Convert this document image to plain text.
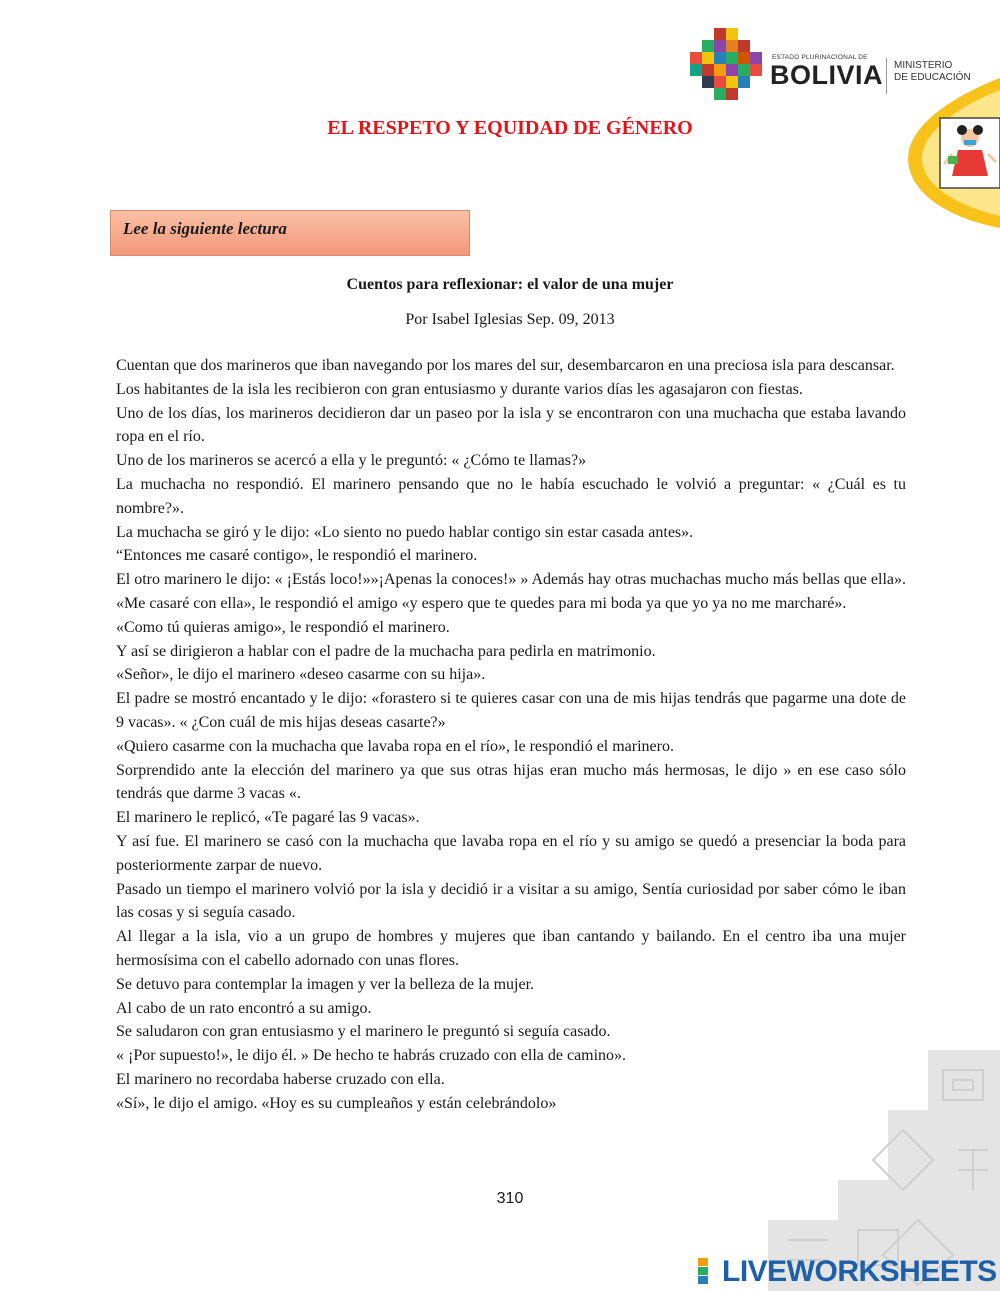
ESTADO PLURINACIONAL DE
BOLIVIA MINISTERIO
DE EDUCACIÓN
EL RESPETO Y EQUIDAD DE GÉNERO
Lee la siguiente lectura
Cuentos para reflexionar: el valor de una mujer
Por Isabel Iglesias Sep. 09, 2013

Cuentan que dos marineros que iban navegando por los mares del sur, desembarcaron en una preciosa isla para descansar.

Los habitantes de la isla les recibieron con gran entusiasmo y durante varios días les agasajaron con fiestas.

Uno de los días, los marineros decidieron dar un paseo por la isla y se encontraron con una muchacha que estaba lavando ropa en el río.

Uno de los marineros se acercó a ella y le preguntó: « ¿Cómo te llamas?»

La muchacha no respondió. El marinero pensando que no le había escuchado le volvió a preguntar: « ¿Cuál es tu nombre?».

La muchacha se giró y le dijo: «Lo siento no puedo hablar contigo sin estar casada antes».

“Entonces me casaré contigo», le respondió el marinero.

El otro marinero le dijo: « ¡Estás loco!»»¡Apenas la conoces!» » Además hay otras muchachas mucho más bellas que ella».

«Me casaré con ella», le respondió el amigo «y espero que te quedes para mi boda ya que yo ya no me marcharé».

«Como tú quieras amigo», le respondió el marinero.

Y así se dirigieron a hablar con el padre de la muchacha para pedirla en matrimonio.

«Señor», le dijo el marinero «deseo casarme con su hija».

El padre se mostró encantado y le dijo: «forastero si te quieres casar con una de mis hijas tendrás que pagarme una dote de 9 vacas». « ¿Con cuál de mis hijas deseas casarte?»

«Quiero casarme con la muchacha que lavaba ropa en el río», le respondió el marinero.

Sorprendido ante la elección del marinero ya que sus otras hijas eran mucho más hermosas, le dijo » en ese caso sólo tendrás que darme 3 vacas «.

El marinero le replicó, «Te pagaré las 9 vacas».

Y así fue. El marinero se casó con la muchacha que lavaba ropa en el río y su amigo se quedó a presenciar la boda para posteriormente zarpar de nuevo.

Pasado un tiempo el marinero volvió por la isla y decidió ir a visitar a su amigo, Sentía curiosidad por saber cómo le iban las cosas y si seguía casado.

Al llegar a la isla, vio a un grupo de hombres y mujeres que iban cantando y bailando. En el centro iba una mujer hermosísima con el cabello adornado con unas flores.

Se detuvo para contemplar la imagen y ver la belleza de la mujer.

Al cabo de un rato encontró a su amigo.

Se saludaron con gran entusiasmo y el marinero le preguntó si seguía casado.

« ¡Por supuesto!», le dijo él. » De hecho te habrás cruzado con ella de camino».

El marinero no recordaba haberse cruzado con ella.

«Sí», le dijo el amigo. «Hoy es su cumpleaños y están celebrándolo»

310
LIVEWORKSHEETS
